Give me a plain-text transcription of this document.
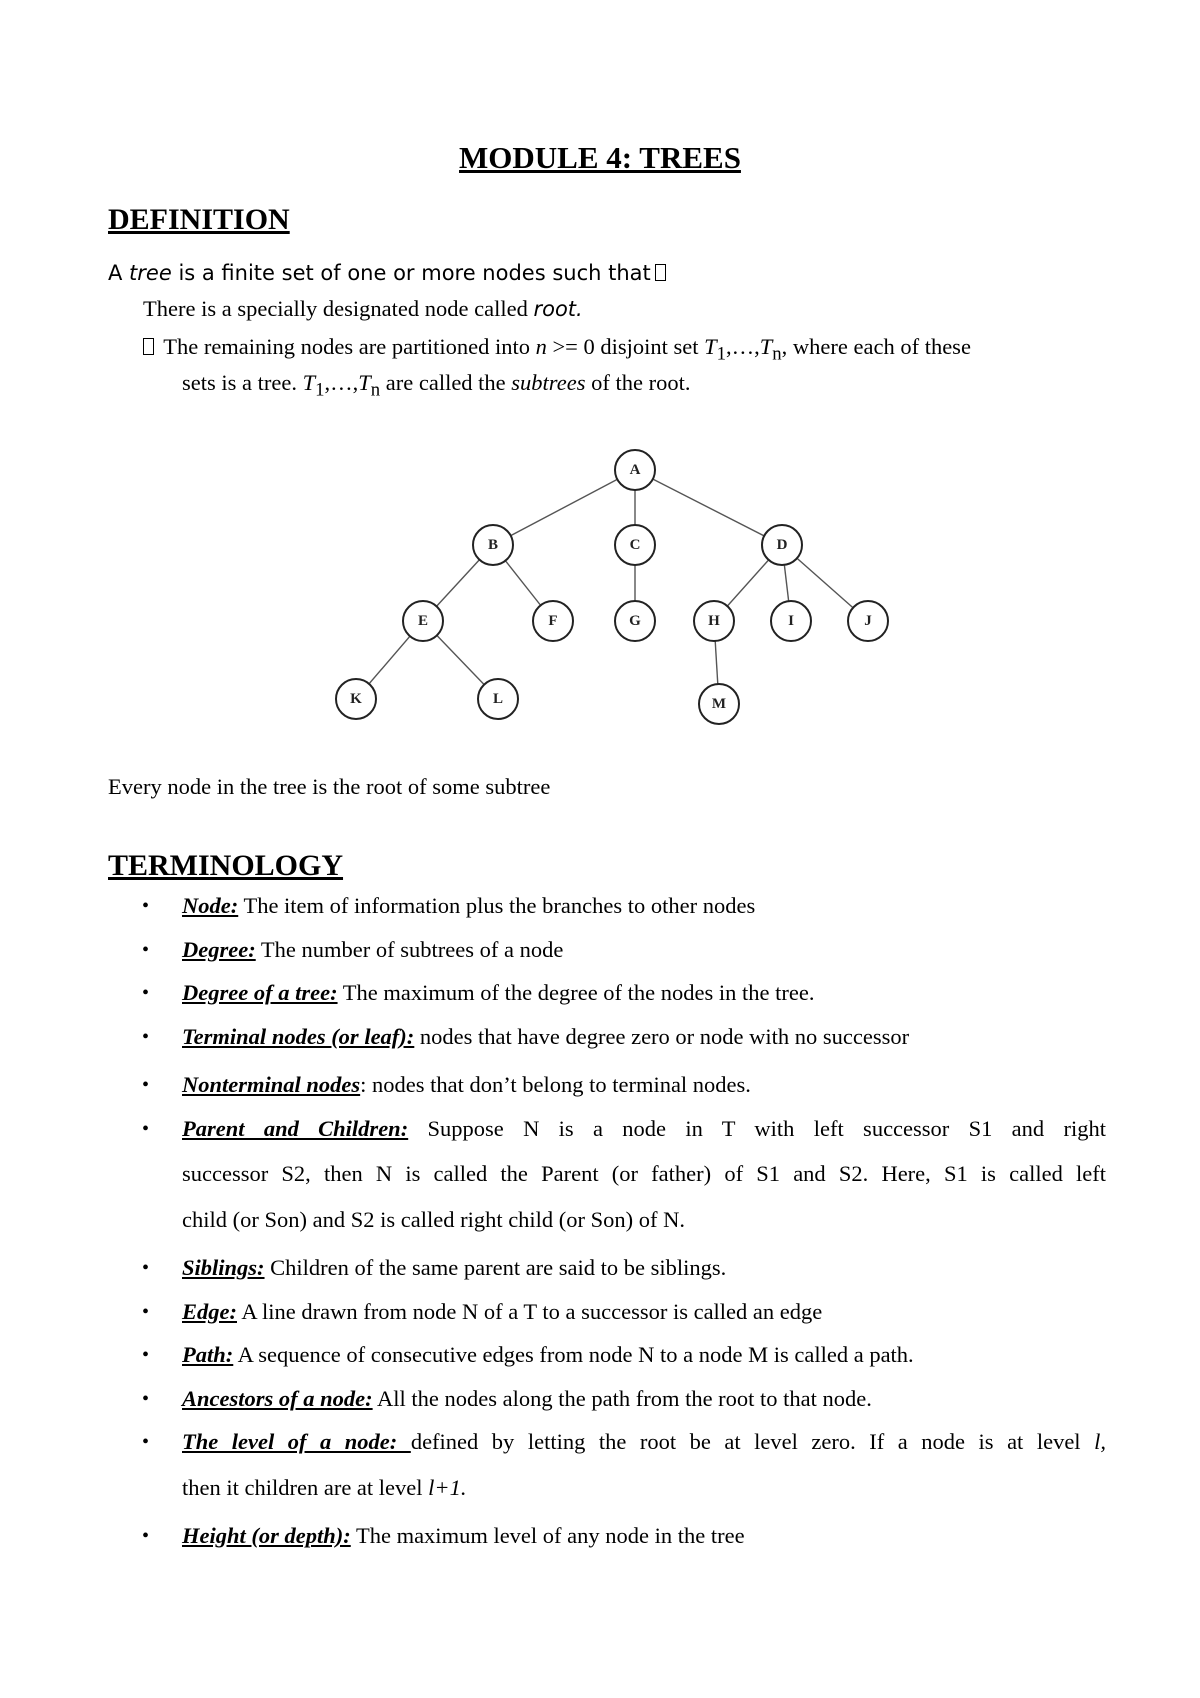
MODULE 4: TREES
DEFINITION

A tree is a finite set of one or more nodes such that

There is a specially designated node called root.

The remaining nodes are partitioned into n >= 0 disjoint set $T_1,\dots,T_n$, where each of these

sets is a tree. $T_1,\dots,T_n$ are called the subtrees of the root.

A
B	C	D
E	F	G	H	I	J
K	L	M

Every node in the tree is the root of some subtree

TERMINOLOGY
• Node: The item of information plus the branches to other nodes
• Degree: The number of subtrees of a node
• Degree of a tree: The maximum of the degree of the nodes in the tree.
• Terminal nodes (or leaf): nodes that have degree zero or node with no successor
• Nonterminal nodes: nodes that don’t belong to terminal nodes.
• Parent and Children: Suppose N is a node in T with left successor S1 and right
successor S2, then N is called the Parent (or father) of S1 and S2. Here, S1 is called left
child (or Son) and S2 is called right child (or Son) of N.
• Siblings: Children of the same parent are said to be siblings.
• Edge: A line drawn from node N of a T to a successor is called an edge
• Path: A sequence of consecutive edges from node N to a node M is called a path.
• Ancestors of a node: All the nodes along the path from the root to that node.
• The level of a node: defined by letting the root be at level zero. If a node is at level l,
then it children are at level l+1.
• Height (or depth): The maximum level of any node in the tree
